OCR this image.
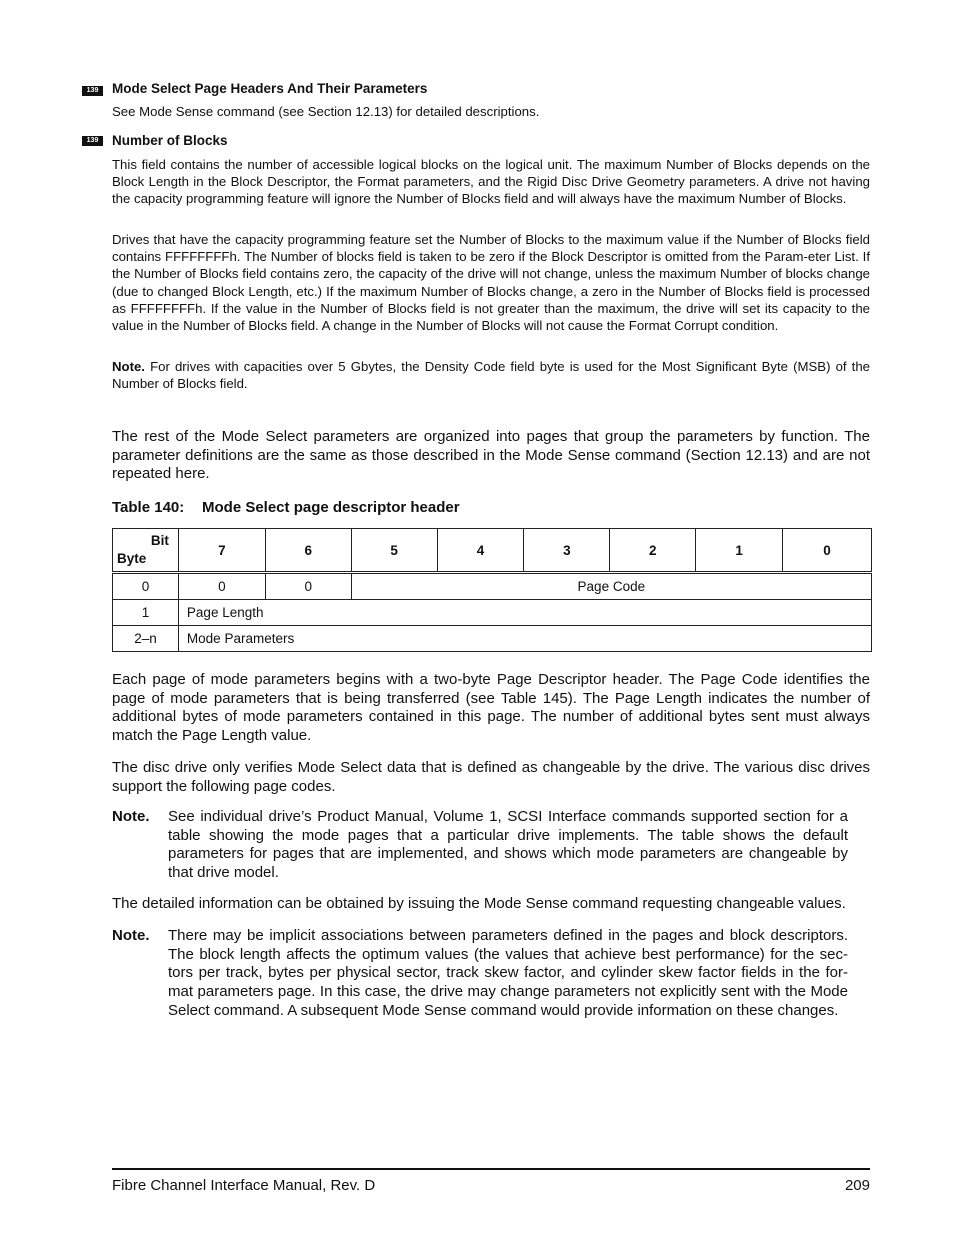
139	Mode Select Page Headers And Their Parameters

See Mode Sense command (see Section 12.13) for detailed descriptions.

139	Number of Blocks

This field contains the number of accessible logical blocks on the logical unit. The maximum Number of Blocks depends on the Block Length in the Block Descriptor, the Format parameters, and the Rigid Disc Drive Geometry parameters. A drive not having the capacity programming feature will ignore the Number of Blocks field and will always have the maximum Number of Blocks.

Drives that have the capacity programming feature set the Number of Blocks to the maximum value if the Number of Blocks field contains FFFFFFFFh. The Number of blocks field is taken to be zero if the Block Descriptor is omitted from the Param-eter List. If the Number of Blocks field contains zero, the capacity of the drive will not change, unless the maximum Number of blocks change (due to changed Block Length, etc.) If the maximum Number of Blocks change, a zero in the Number of Blocks field is processed as FFFFFFFFh. If the value in the Number of Blocks field is not greater than the maximum, the drive will set its capacity to the value in the Number of Blocks field. A change in the Number of Blocks will not cause the Format Corrupt condition.

Note. For drives with capacities over 5 Gbytes, the Density Code field byte is used for the Most Significant Byte (MSB) of the Number of Blocks field.

The rest of the Mode Select parameters are organized into pages that group the parameters by function. The parameter definitions are the same as those described in the Mode Sense command (Section 12.13) and are not repeated here.

Table 140: Mode Select page descriptor header
Bit
Byte	7	6	5	4	3	2	1	0
0	0	0	Page Code					
1	Page Length							
2–n	Mode Parameters							

Each page of mode parameters begins with a two-byte Page Descriptor header. The Page Code identifies the page of mode parameters that is being transferred (see Table 145). The Page Length indicates the number of additional bytes of mode parameters contained in this page. The number of additional bytes sent must always match the Page Length value.

The disc drive only verifies Mode Select data that is defined as changeable by the drive. The various disc drives support the following page codes.

Note. See individual drive’s Product Manual, Volume 1, SCSI Interface commands supported section for a table showing the mode pages that a particular drive implements. The table shows the default parameters for pages that are implemented, and shows which mode parameters are changeable by that drive model.

The detailed information can be obtained by issuing the Mode Sense command requesting changeable values.

Note. There may be implicit associations between parameters defined in the pages and block descriptors. The block length affects the optimum values (the values that achieve best performance) for the sec-tors per track, bytes per physical sector, track skew factor, and cylinder skew factor fields in the for-mat parameters page. In this case, the drive may change parameters not explicitly sent with the Mode Select command. A subsequent Mode Sense command would provide information on these changes.
Fibre Channel Interface Manual, Rev. D	209
